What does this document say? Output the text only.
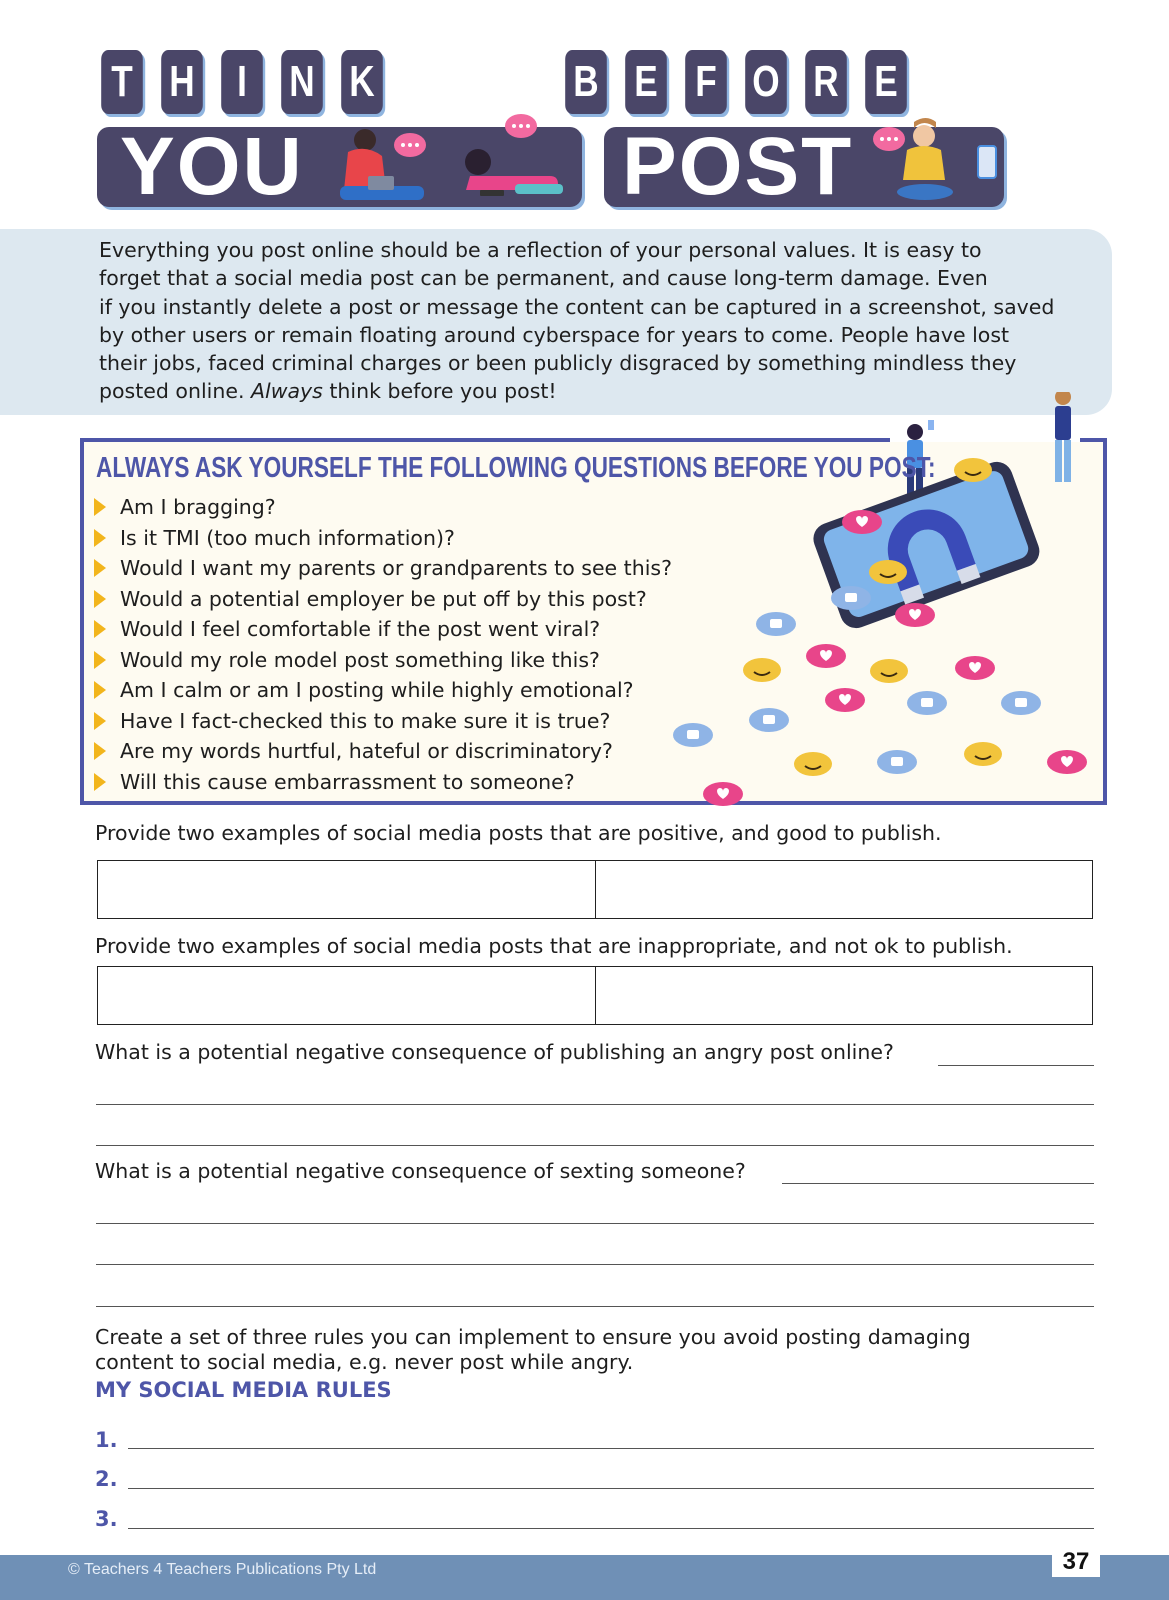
T H I N K	B E F O R E
YOU	POST
Everything you post online should be a reflection of your personal values. It is easy to
forget that a social media post can be permanent, and cause long-term damage. Even
if you instantly delete a post or message the content can be captured in a screenshot, saved
by other users or remain floating around cyberspace for years to come. People have lost
their jobs, faced criminal charges or been publicly disgraced by something mindless they
posted online. Always think before you post!
ALWAYS ASK YOURSELF THE FOLLOWING QUESTIONS BEFORE YOU POST:
Am I bragging?
Is it TMI (too much information)?
Would I want my parents or grandparents to see this?
Would a potential employer be put off by this post?
Would I feel comfortable if the post went viral?
Would my role model post something like this?
Am I calm or am I posting while highly emotional?
Have I fact-checked this to make sure it is true?
Are my words hurtful, hateful or discriminatory?
Will this cause embarrassment to someone?
Provide two examples of social media posts that are positive, and good to publish.
Provide two examples of social media posts that are inappropriate, and not ok to publish.
What is a potential negative consequence of publishing an angry post online?
What is a potential negative consequence of sexting someone?
Create a set of three rules you can implement to ensure you avoid posting damaging
content to social media, e.g. never post while angry.
MY SOCIAL MEDIA RULES
1.
2.
3.
© Teachers 4 Teachers Publications Pty Ltd	37
